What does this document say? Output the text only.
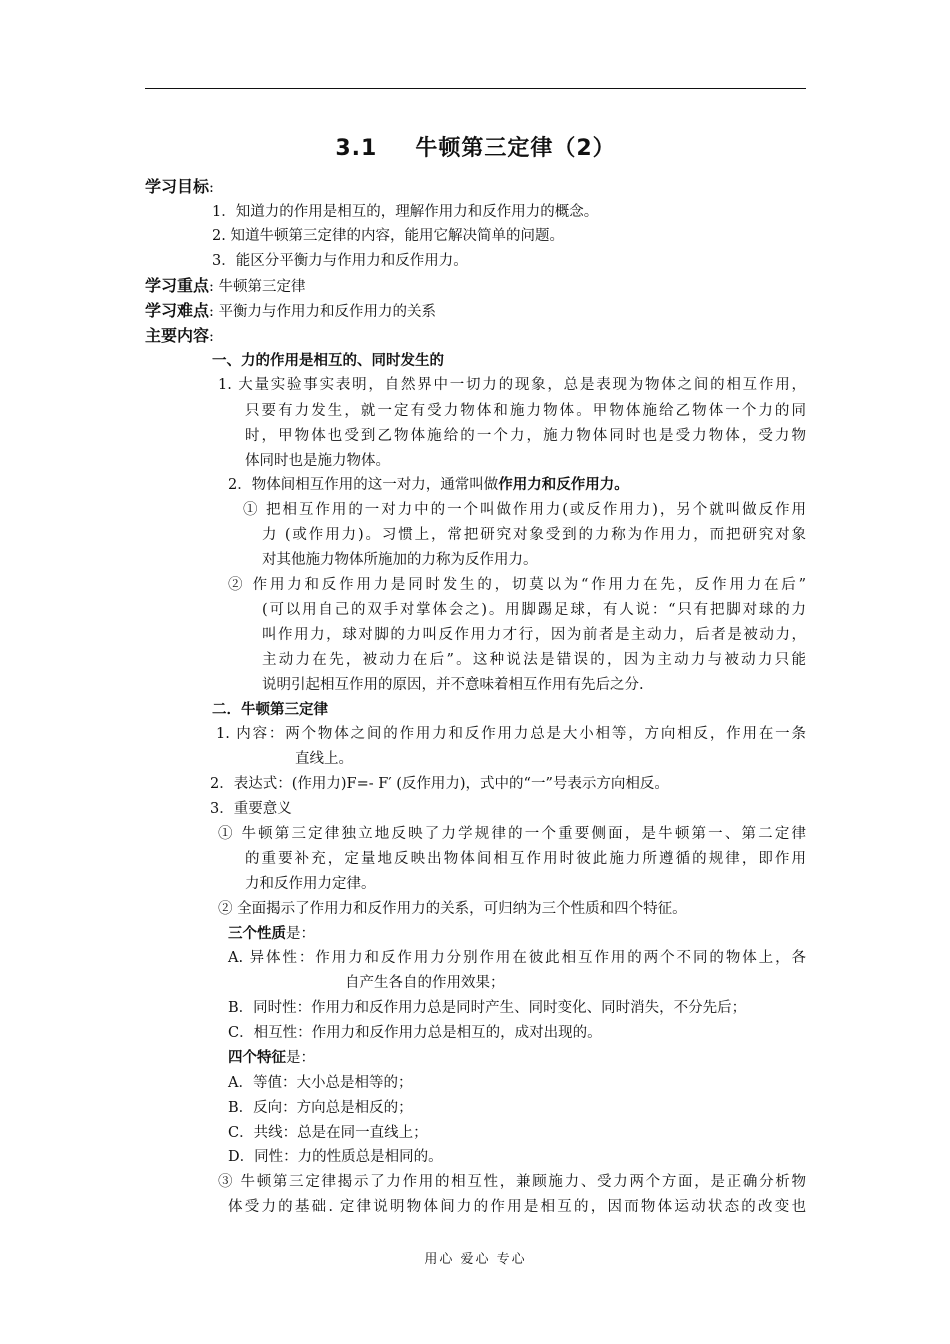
3.1 牛顿第三定律（2）
学习目标:
1．知道力的作用是相互的，理解作用力和反作用力的概念。
2. 知道牛顿第三定律的内容，能用它解决简单的问题。
3．能区分平衡力与作用力和反作用力。
学习重点: 牛顿第三定律
学习难点: 平衡力与作用力和反作用力的关系
主要内容:
一、力的作用是相互的、同时发生的
1. 大量实验事实表明，自然界中一切力的现象，总是表现为物体之间的相互作用，
只要有力发生，就一定有受力物体和施力物体。甲物体施给乙物体一个力的同
时，甲物体也受到乙物体施给的一个力，施力物体同时也是受力物体，受力物
体同时也是施力物体。
2．物体间相互作用的这一对力，通常叫做作用力和反作用力。
① 把相互作用的一对力中的一个叫做作用力(或反作用力)，另个就叫做反作用
力 (或作用力)。习惯上，常把研究对象受到的力称为作用力，而把研究对象
对其他施力物体所施加的力称为反作用力。
② 作用力和反作用力是同时发生的，切莫以为“作用力在先，反作用力在后”
(可以用自己的双手对掌体会之)。用脚踢足球，有人说：“只有把脚对球的力
叫作用力，球对脚的力叫反作用力才行，因为前者是主动力，后者是被动力，
主动力在先，被动力在后”。这种说法是错误的，因为主动力与被动力只能
说明引起相互作用的原因，并不意味着相互作用有先后之分.
二．牛顿第三定律
1. 内容：两个物体之间的作用力和反作用力总是大小相等，方向相反，作用在一条
直线上。
2．表达式：(作用力)F=- F′ (反作用力)，式中的“一”号表示方向相反。
3．重要意义
① 牛顿第三定律独立地反映了力学规律的一个重要侧面，是牛顿第一、第二定律
的重要补充，定量地反映出物体间相互作用时彼此施力所遵循的规律，即作用
力和反作用力定律。
② 全面揭示了作用力和反作用力的关系，可归纳为三个性质和四个特征。
三个性质是：
A. 异体性：作用力和反作用力分别作用在彼此相互作用的两个不同的物体上，各
自产生各自的作用效果；
B．同时性：作用力和反作用力总是同时产生、同时变化、同时消失，不分先后；
C．相互性：作用力和反作用力总是相互的，成对出现的。
四个特征是：
A．等值：大小总是相等的；
B．反向：方向总是相反的；
C．共线：总是在同一直线上；
D．同性：力的性质总是相同的。
③ 牛顿第三定律揭示了力作用的相互性，兼顾施力、受力两个方面，是正确分析物
体受力的基础. 定律说明物体间力的作用是相互的，因而物体运动状态的改变也
用心 爱心 专心
